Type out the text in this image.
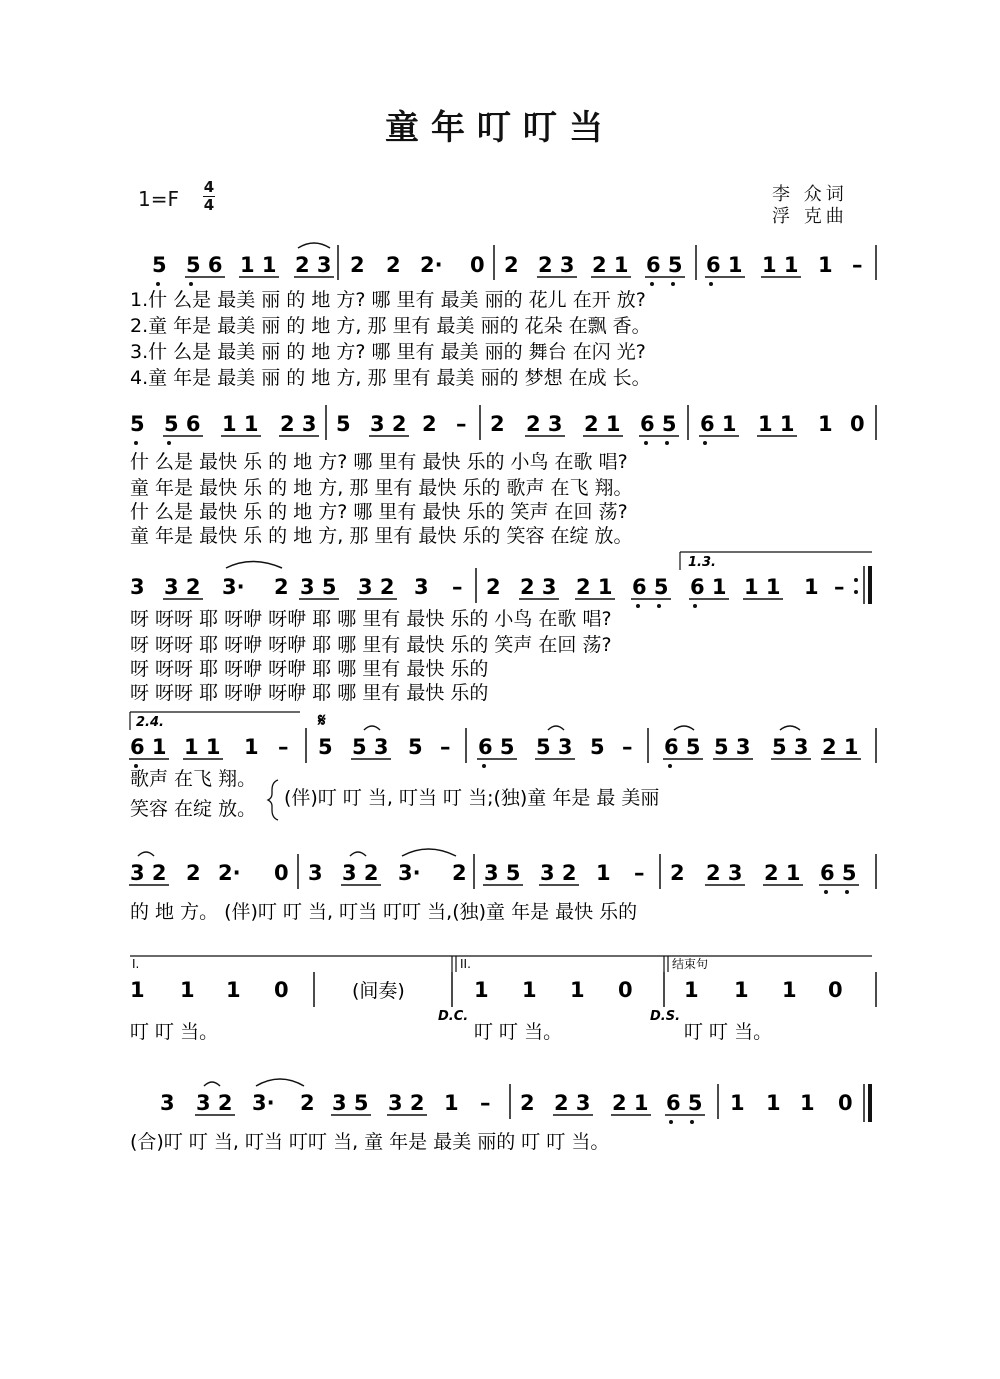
童年叮叮当
1=F 4
4	李 众词
浮 克曲
5 5 6 1 1 2 3 2 2 2· 0 2 2 3 2 1 6 5 6 1 1 1 1 –
1.什 么是 最美 丽 的 地 方? 哪 里有 最美 丽的 花儿 在开 放?
2.童 年是 最美 丽 的 地 方, 那 里有 最美 丽的 花朵 在飘 香。
3.什 么是 最美 丽 的 地 方? 哪 里有 最美 丽的 舞台 在闪 光?
4.童 年是 最美 丽 的 地 方, 那 里有 最美 丽的 梦想 在成 长。
5 5 6 1 1 2 3 5 3 2 2 – 2 2 3 2 1 6 5 6 1 1 1 1 0
什 么是 最快 乐 的 地 方? 哪 里有 最快 乐的 小鸟 在歌 唱?
童 年是 最快 乐 的 地 方, 那 里有 最快 乐的 歌声 在飞 翔。
什 么是 最快 乐 的 地 方? 哪 里有 最快 乐的 笑声 在回 荡?
童 年是 最快 乐 的 地 方, 那 里有 最快 乐的 笑容 在绽 放。
1.3.
3 3 2 3· 2 3 5 3 2 3 – 2 2 3 2 1 6 5 6 1 1 1 1 –
呀 呀呀 耶 呀咿 呀咿 耶 哪 里有 最快 乐的 小鸟 在歌 唱?
呀 呀呀 耶 呀咿 呀咿 耶 哪 里有 最快 乐的 笑声 在回 荡?
呀 呀呀 耶 呀咿 呀咿 耶 哪 里有 最快 乐的
呀 呀呀 耶 呀咿 呀咿 耶 哪 里有 最快 乐的
2.4.	𝄋
6 1 1 1 1 – 5 5 3 5 – 6 5 5 3 5 – 6 5 5 3 5 3 2 1
歌声 在飞 翔。
笑容 在绽 放。 (伴)叮 叮 当, 叮当 叮 当;(独)童 年是 最 美丽
3 2 2 2· 0 3 3 2 3· 2 3 5 3 2 1 – 2 2 3 2 1 6 5
的 地 方。 (伴)叮 叮 当, 叮当 叮叮 当,(独)童 年是 最快 乐的
I.	II.	结束句
1 1 1 0	(间奏)	1 1 1 0 1 1 1 0
D.C.	D.S.
叮 叮 当。	叮 叮 当。	叮 叮 当。
3 3 2 3· 2 3 5 3 2 1 – 2 2 3 2 1 6 5 1 1 1 0
(合)叮 叮 当, 叮当 叮叮 当, 童 年是 最美 丽的 叮 叮 当。
